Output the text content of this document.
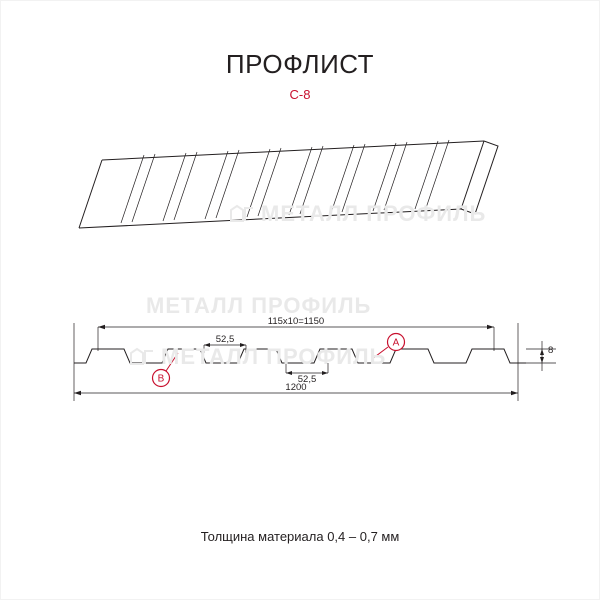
ПРОФЛИСТ
С-8
1200
115х10=1150
52,5
52,5
8
A
B
МЕТАЛЛ ПРОФИЛЬ
МЕТАЛЛ ПРОФИЛЬ
МЕТАЛЛ ПРОФИЛЬ
Толщина материала 0,4 – 0,7 мм
